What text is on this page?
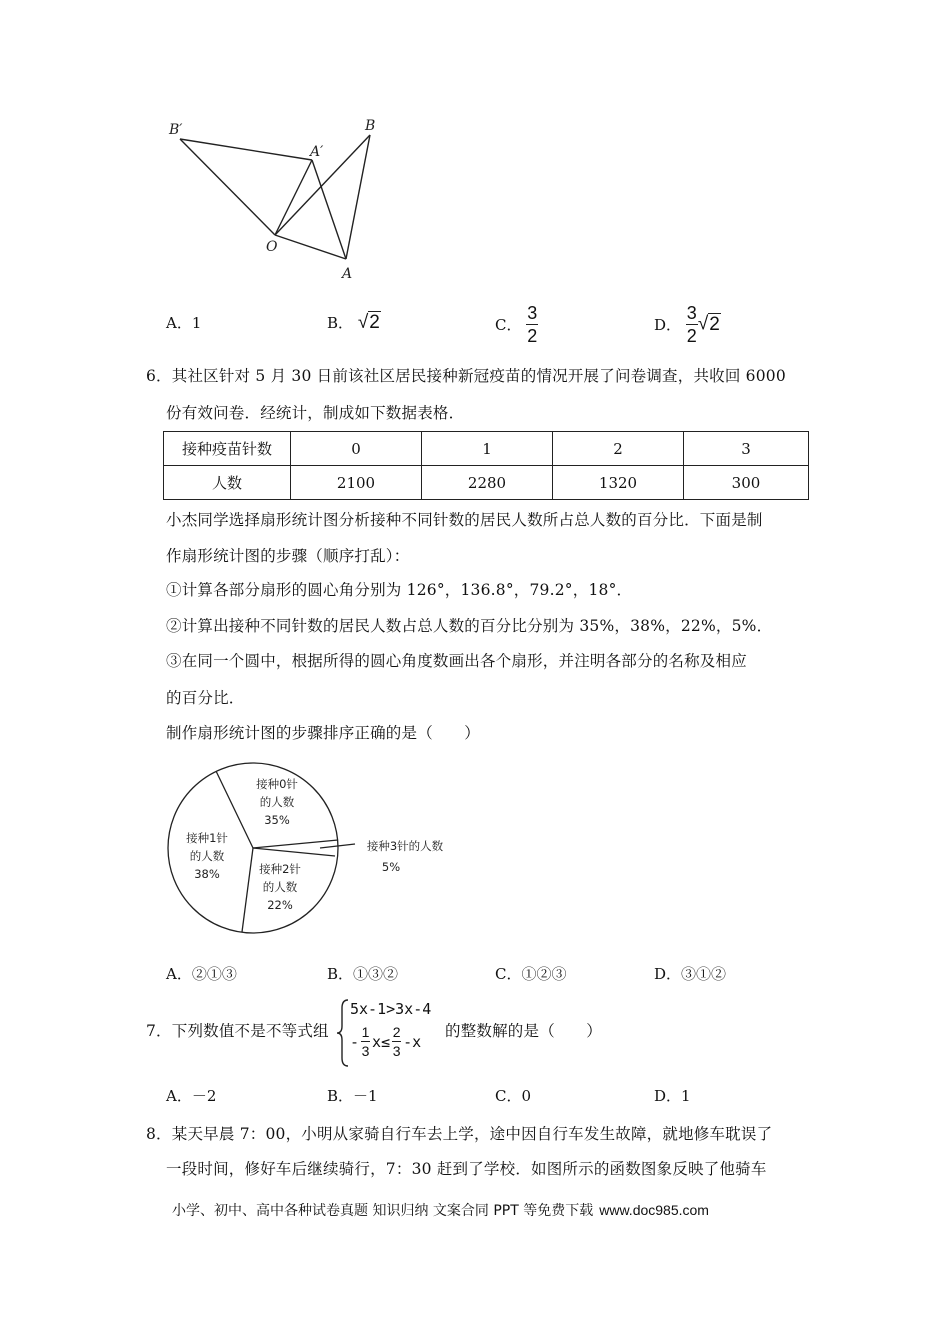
B′
A′
B
O
A
A．1	B． √2	C． $\frac{3}{2}$	D． $\frac{3}{2} √2$
6．其社区针对 5 月 30 日前该社区居民接种新冠疫苗的情况开展了问卷调查，共收回 6000
份有效问卷．经统计，制成如下数据表格．
接种疫苗针数	0	1	2	3
人数	2100	2280	1320	300
小杰同学选择扇形统计图分析接种不同针数的居民人数所占总人数的百分比．下面是制
作扇形统计图的步骤（顺序打乱）：
①计算各部分扇形的圆心角分别为 126°，136.8°，79.2°，18°．
②计算出接种不同针数的居民人数占总人数的百分比分别为 35%，38%，22%，5%．
③在同一个圆中，根据所得的圆心角度数画出各个扇形，并注明各部分的名称及相应
的百分比．
制作扇形统计图的步骤排序正确的是（　　）
接种0针
的人数
35%
接种1针
的人数
38%	接种2针
的人数
22%
接种3针的人数
5%
A．②①③	B．①③②	C．①②③	D．③①②
7．下列数值不是不等式组
5x-1>3x-4
- $\frac{1}{3} x\le \frac{2}{3} -x$
的整数解的是（　　）
A．－2	B．－1	C．0	D．1
8．某天早晨 7：00，小明从家骑自行车去上学，途中因自行车发生故障，就地修车耽误了
一段时间，修好车后继续骑行，7：30 赶到了学校．如图所示的函数图象反映了他骑车
小学、初中、高中各种试卷真题 知识归纳 文案合同 PPT 等免费下载 www.doc985.com
